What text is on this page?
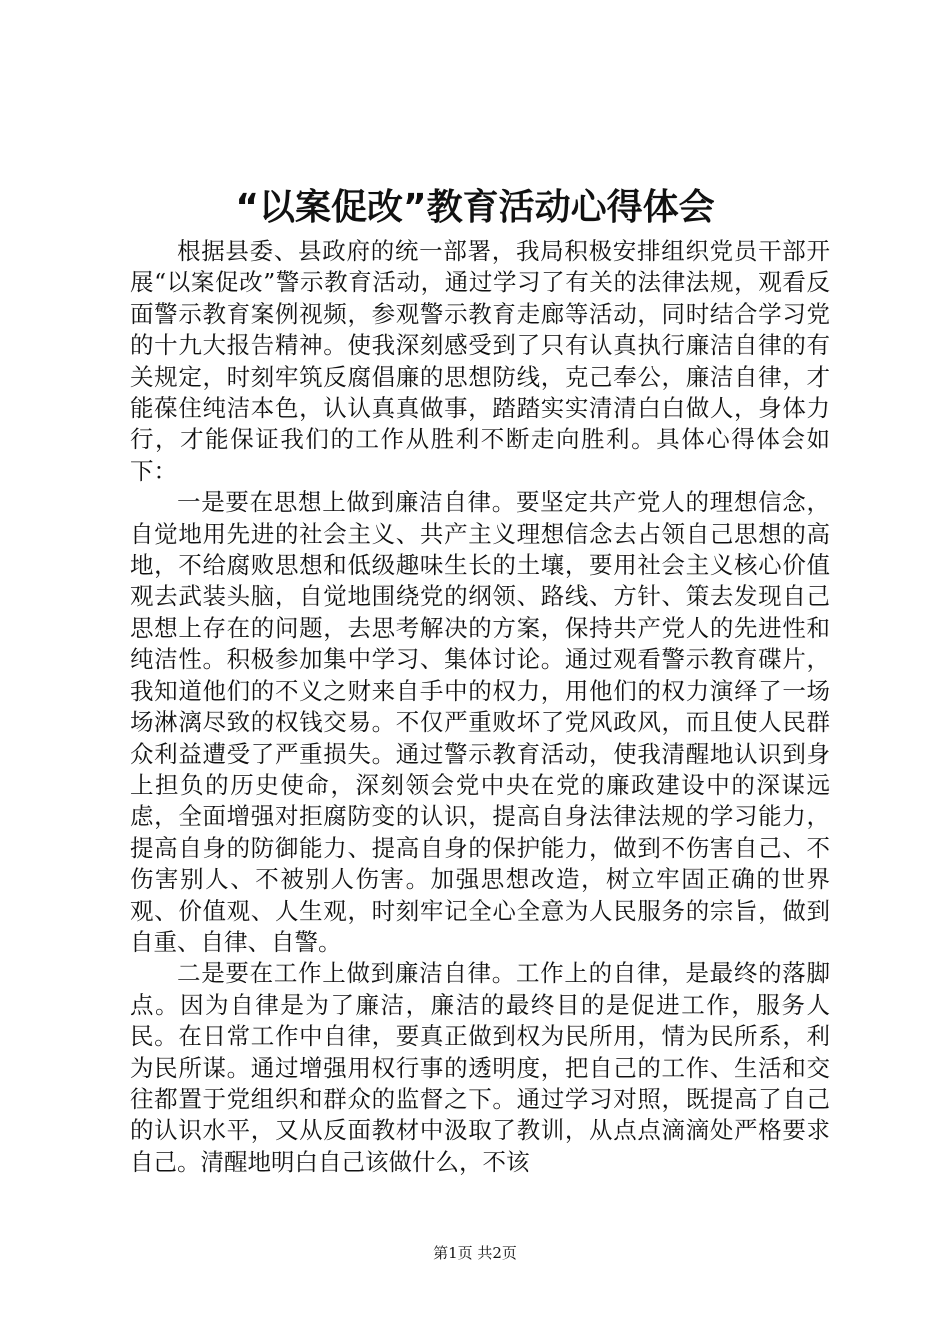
“以案促改”教育活动心得体会

根据县委、县政府的统一部署，我局积极安排组织党员干部开展“以案促改”警示教育活动，通过学习了有关的法律法规，观看反面警示教育案例视频，参观警示教育走廊等活动，同时结合学习党的十九大报告精神。使我深刻感受到了只有认真执行廉洁自律的有关规定，时刻牢筑反腐倡廉的思想防线，克己奉公，廉洁自律，才能葆住纯洁本色，认认真真做事，踏踏实实清清白白做人，身体力行，才能保证我们的工作从胜利不断走向胜利。具体心得体会如下：

一是要在思想上做到廉洁自律。要坚定共产党人的理想信念，自觉地用先进的社会主义、共产主义理想信念去占领自己思想的高地，不给腐败思想和低级趣味生长的土壤，要用社会主义核心价值观去武装头脑，自觉地围绕党的纲领、路线、方针、策去发现自己思想上存在的问题，去思考解决的方案，保持共产党人的先进性和纯洁性。积极参加集中学习、集体讨论。通过观看警示教育碟片，我知道他们的不义之财来自手中的权力，用他们的权力演绎了一场场淋漓尽致的权钱交易。不仅严重败坏了党风政风，而且使人民群众利益遭受了严重损失。通过警示教育活动，使我清醒地认识到身上担负的历史使命，深刻领会党中央在党的廉政建设中的深谋远虑，全面增强对拒腐防变的认识，提高自身法律法规的学习能力，提高自身的防御能力、提高自身的保护能力，做到不伤害自己、不伤害别人、不被别人伤害。加强思想改造，树立牢固正确的世界观、价值观、人生观，时刻牢记全心全意为人民服务的宗旨，做到自重、自律、自警。

二是要在工作上做到廉洁自律。工作上的自律，是最终的落脚点。因为自律是为了廉洁，廉洁的最终目的是促进工作，服务人民。在日常工作中自律，要真正做到权为民所用，情为民所系，利为民所谋。通过增强用权行事的透明度，把自己的工作、生活和交往都置于党组织和群众的监督之下。通过学习对照，既提高了自己的认识水平，又从反面教材中汲取了教训，从点点滴滴处严格要求自己。清醒地明白自己该做什么，不该

第1页 共2页
